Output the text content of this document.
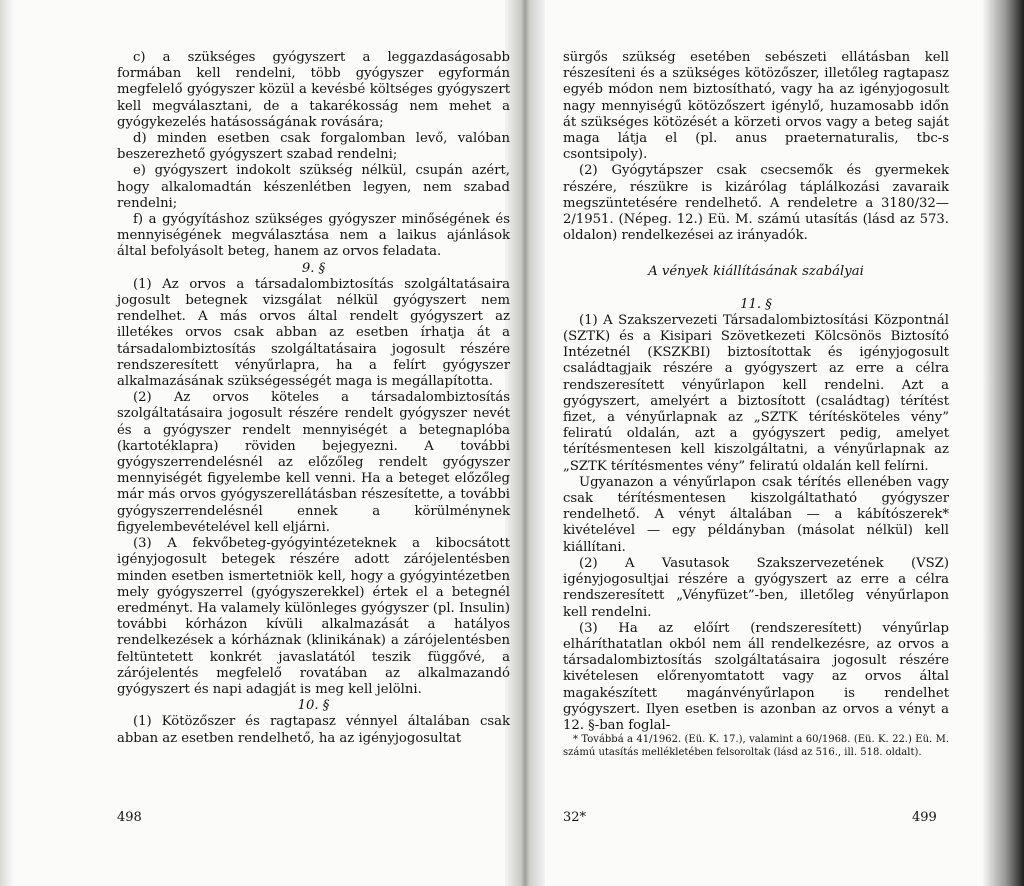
c) a szükséges gyógyszert a leggazdaságosabb formában kell rendelni, több gyógyszer egyformán megfelelő gyógyszer közül a kevésbé költséges gyógyszert kell megválasztani, de a takarékosság nem mehet a gyógykezelés hatásosságának rovására;

d) minden esetben csak forgalomban levő, valóban beszerezhető gyógyszert szabad rendelni;

e) gyógyszert indokolt szükség nélkül, csupán azért, hogy alkalomadtán készenlétben legyen, nem szabad rendelni;

f) a gyógyításhoz szükséges gyógyszer minőségének és mennyiségének megválasztása nem a laikus ajánlások által befolyásolt beteg, hanem az orvos feladata.

9. §

(1) Az orvos a társadalombiztosítás szolgáltatásaira jogosult betegnek vizsgálat nélkül gyógyszert nem rendelhet. A más orvos által rendelt gyógyszert az illetékes orvos csak abban az esetben írhatja át a társadalombiztosítás szolgáltatásaira jogosult részére rendszeresített vényűrlapra, ha a felírt gyógyszer alkalmazásának szükségességét maga is megállapította.

(2) Az orvos köteles a társadalombiztosítás szolgáltatásaira jogosult részére rendelt gyógyszer nevét és a gyógyszer rendelt mennyiségét a betegnaplóba (kartotéklapra) röviden bejegyezni. A további gyógyszerrendelésnél az előzőleg rendelt gyógyszer mennyiségét figyelembe kell venni. Ha a beteget előzőleg már más orvos gyógyszerellátásban részesítette, a további gyógyszerrendelésnél ennek a körülménynek figyelembevételével kell eljárni.

(3) A fekvőbeteg-gyógyintézeteknek a kibocsátott igényjogosult betegek részére adott zárójelentésben minden esetben ismertetniök kell, hogy a gyógyintézetben mely gyógyszerrel (gyógyszerekkel) értek el a betegnél eredményt. Ha valamely különleges gyógyszer (pl. Insulin) további kórházon kívüli alkalmazását a hatályos rendelkezések a kórháznak (klinikának) a zárójelentésben feltüntetett konkrét javaslatától teszik függővé, a zárójelentés megfelelő rovatában az alkalmazandó gyógyszert és napi adagját is meg kell jelölni.

10. §

(1) Kötözőszer és ragtapasz vénnyel általában csak abban az esetben rendelhető, ha az igényjogosultat

sürgős szükség esetében sebészeti ellátásban kell részesíteni és a szükséges kötözőszer, illetőleg ragtapasz egyéb módon nem biztosítható, vagy ha az igényjogosult nagy mennyiségű kötözőszert igénylő, huzamosabb időn át szükséges kötözését a körzeti orvos vagy a beteg saját maga látja el (pl. anus praeternaturalis, tbc-s csontsipoly).

(2) Gyógytápszer csak csecsemők és gyermekek részére, részükre is kizárólag táplálkozási zavaraik megszüntetésére rendelhető. A rendeletre a 3180/32—2/1951. (Népeg. 12.) Eü. M. számú utasítás (lásd az 573. oldalon) rendelkezései az irányadók.

A vények kiállításának szabályai

11. §

(1) A Szakszervezeti Társadalombiztosítási Központnál (SZTK) és a Kisipari Szövetkezeti Kölcsönös Biztosító Intézetnél (KSZKBI) biztosítottak és igényjogosult családtagjaik részére a gyógyszert az erre a célra rendszeresített vényűrlapon kell rendelni. Azt a gyógyszert, amelyért a biztosított (családtag) térítést fizet, a vényűrlapnak az „SZTK térítésköteles vény” feliratú oldalán, azt a gyógyszert pedig, amelyet térítésmentesen kell kiszolgáltatni, a vényűrlapnak az „SZTK térítésmentes vény” feliratú oldalán kell felírni.

Ugyanazon a vényűrlapon csak térítés ellenében vagy csak térítésmentesen kiszolgáltatható gyógyszer rendelhető. A vényt általában — a kábítószerek* kivételével — egy példányban (másolat nélkül) kell kiállítani.

(2) A Vasutasok Szakszervezetének (VSZ) igényjogosultjai részére a gyógyszert az erre a célra rendszeresített „Vényfüzet”-ben, illetőleg vényűrlapon kell rendelni.

(3) Ha az előírt (rendszeresített) vényűrlap elháríthatatlan okból nem áll rendelkezésre, az orvos a társadalombiztosítás szolgáltatásaira jogosult részére kivételesen előrenyomtatott vagy az orvos által magakészített magánvényűrlapon is rendelhet gyógyszert. Ilyen esetben is azonban az orvos a vényt a 12. §-ban foglal-

* Továbbá a 41/1962. (Eü. K. 17.), valamint a 60/1968. (Eü. K. 22.) Eü. M. számú utasítás mellékletében felsoroltak (lásd az 516., ill. 518. oldalt).

498	32*	499
